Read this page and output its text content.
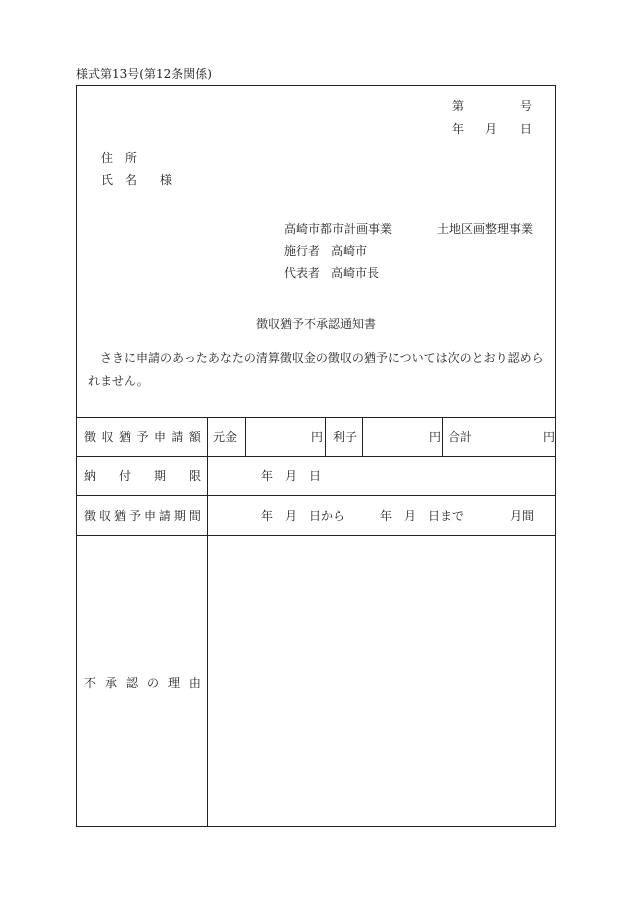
様式第13号(第12条関係)
第	号
年 月 日
住　所
氏　名 様
高崎市都市計画事業	土地区画整理事業
施行者 高崎市
代表者 高崎市長
徴収猶予不承認通知書
さきに申請のあったあなたの清算徴収金の徴収の猶予については次のとおり認めら
れません。
徴 収 猶 予 申 請 額 元金	円 利子	円 合計	円
納 付 期 限	年　月　日
徴 収 猶 予 申 請 期 間	年　月　日から	年　月　日まで	月間
不 承 認 の 理 由
